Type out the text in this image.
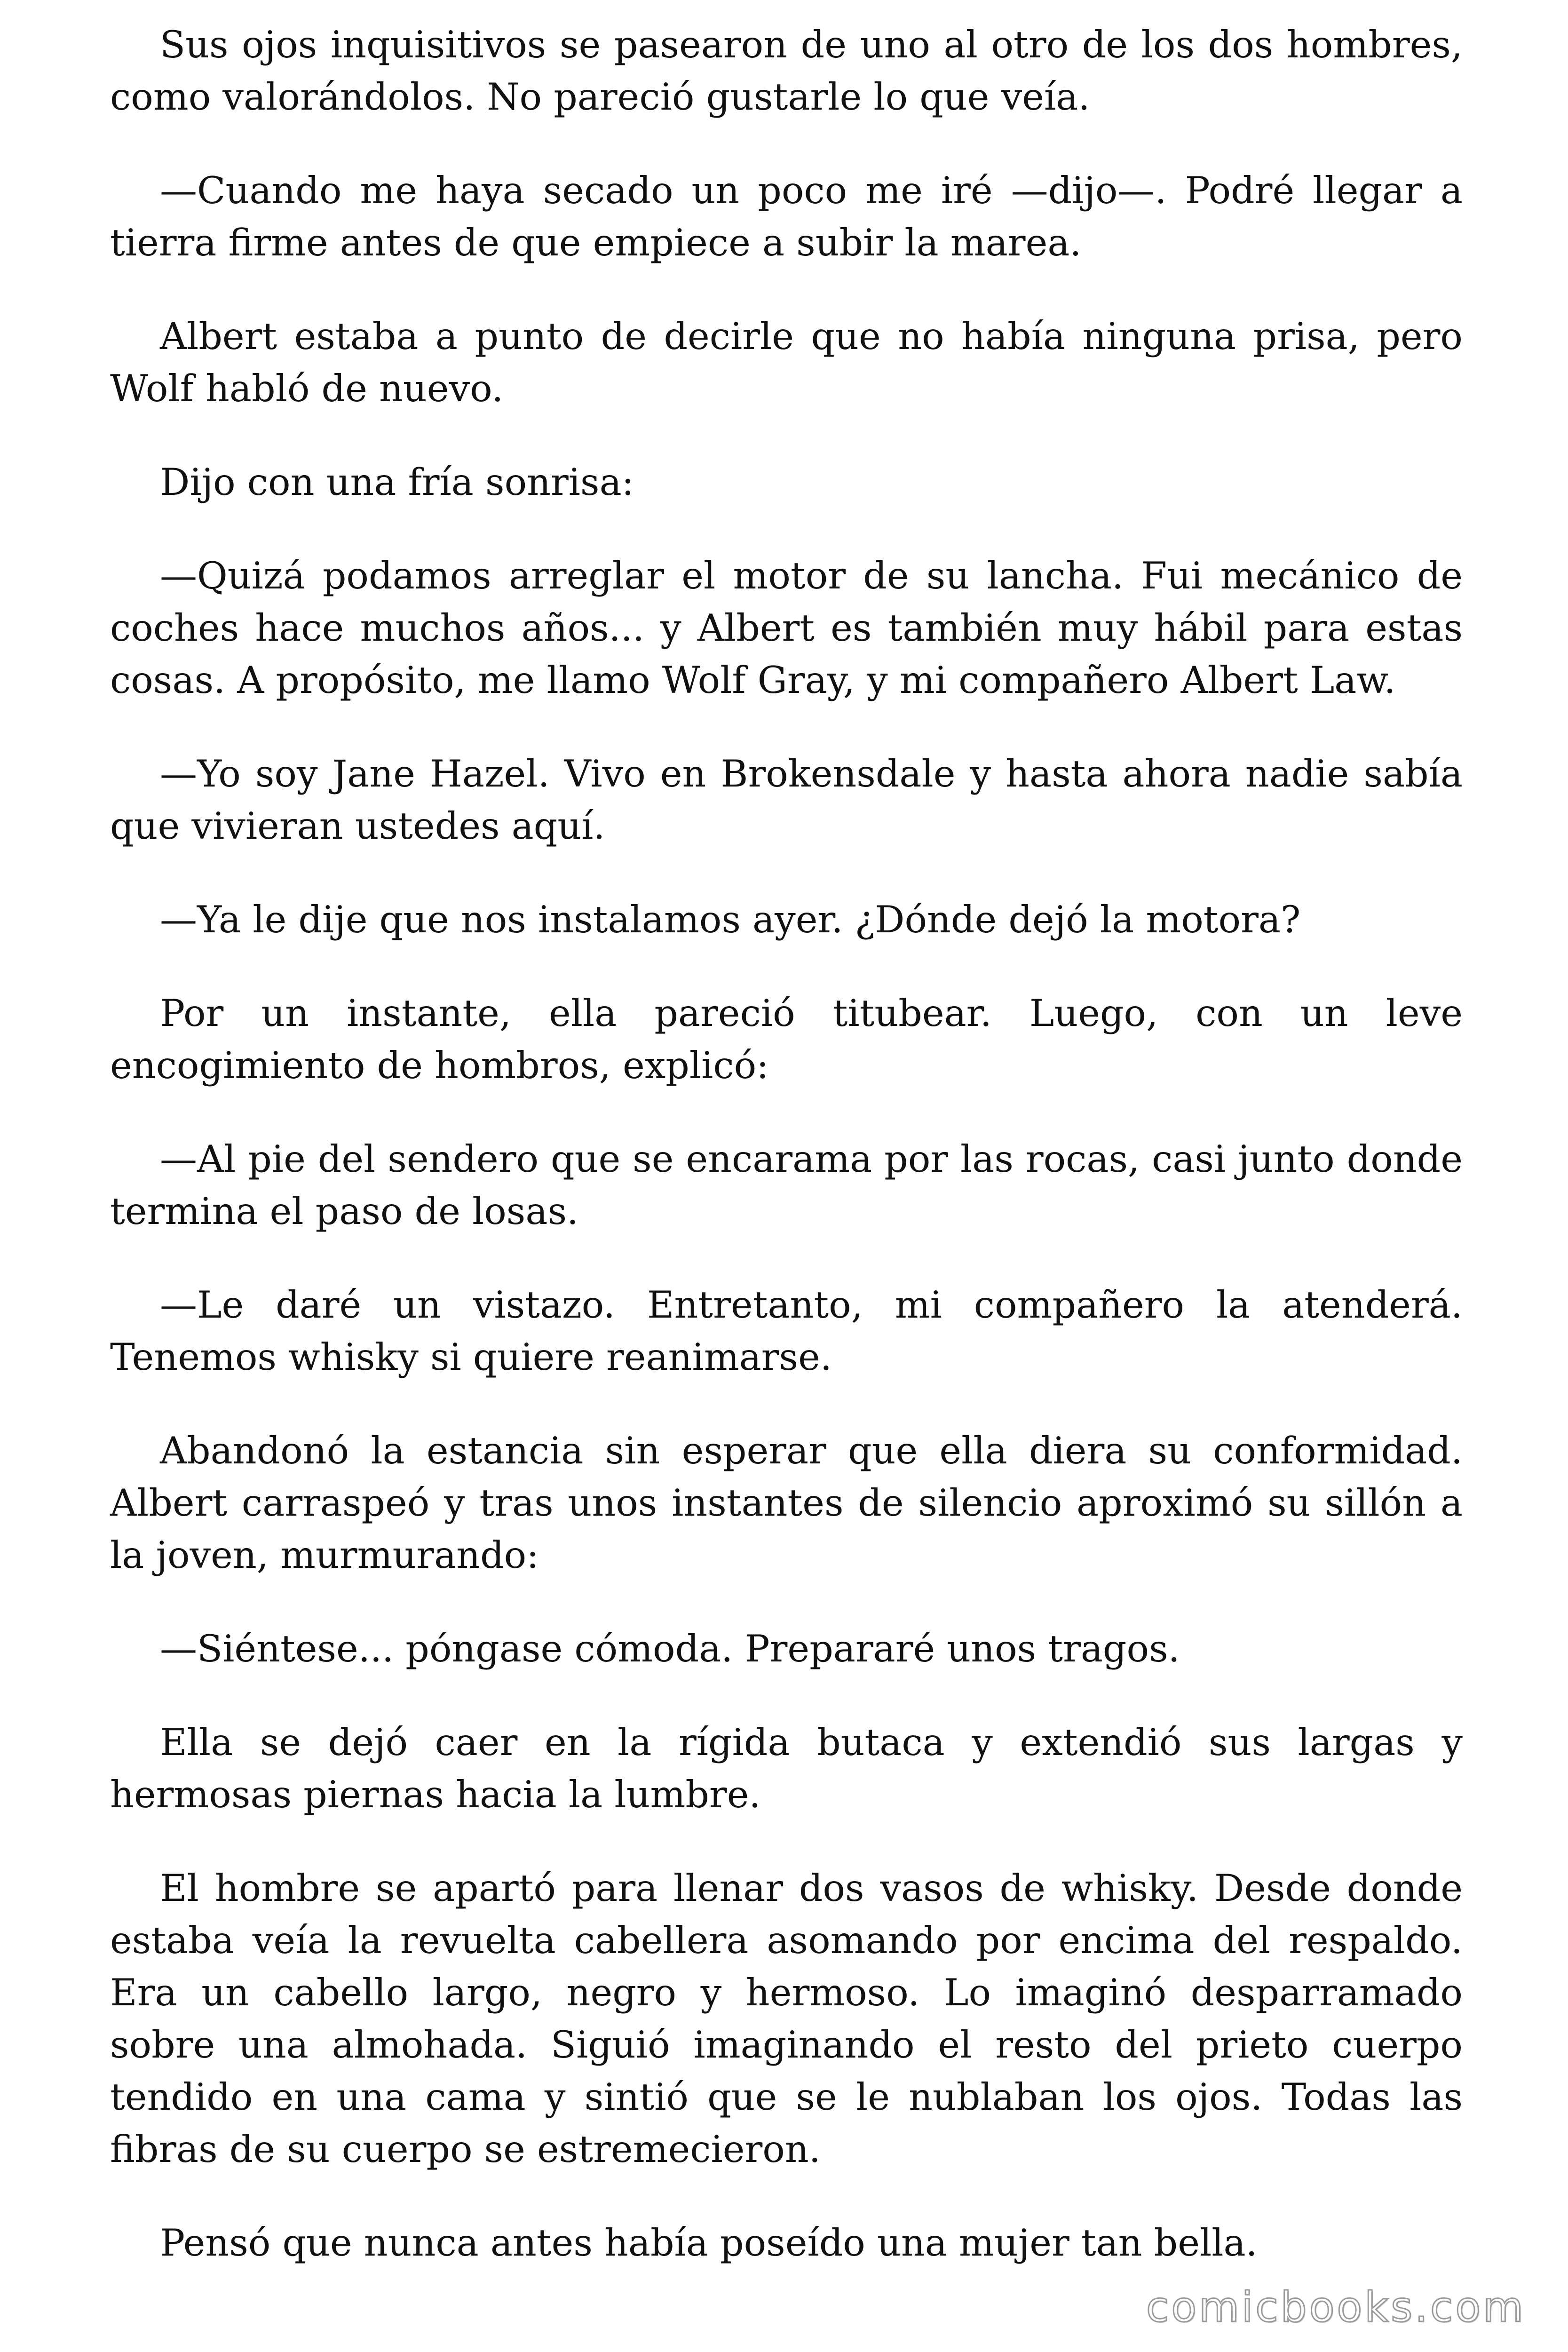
Sus ojos inquisitivos se pasearon de uno al otro de los dos hombres, como valorándolos. No pareció gustarle lo que veía.

—Cuando me haya secado un poco me iré —dijo—. Podré llegar a tierra firme antes de que empiece a subir la marea.

Albert estaba a punto de decirle que no había ninguna prisa, pero Wolf habló de nuevo.

Dijo con una fría sonrisa:

—Quizá podamos arreglar el motor de su lancha. Fui mecánico de coches hace muchos años... y Albert es también muy hábil para estas cosas. A propósito, me llamo Wolf Gray, y mi compañero Albert Law.

—Yo soy Jane Hazel. Vivo en Brokensdale y hasta ahora nadie sabía que vivieran ustedes aquí.

—Ya le dije que nos instalamos ayer. ¿Dónde dejó la motora?

Por un instante, ella pareció titubear. Luego, con un leve encogimiento de hombros, explicó:

—Al pie del sendero que se encarama por las rocas, casi junto donde termina el paso de losas.

—Le daré un vistazo. Entretanto, mi compañero la atenderá. Tenemos whisky si quiere reanimarse.

Abandonó la estancia sin esperar que ella diera su conformidad. Albert carraspeó y tras unos instantes de silencio aproximó su sillón a la joven, murmurando:

—Siéntese... póngase cómoda. Prepararé unos tragos.

Ella se dejó caer en la rígida butaca y extendió sus largas y hermosas piernas hacia la lumbre.

El hombre se apartó para llenar dos vasos de whisky. Desde donde estaba veía la revuelta cabellera asomando por encima del respaldo. Era un cabello largo, negro y hermoso. Lo imaginó desparramado sobre una almohada. Siguió imaginando el resto del prieto cuerpo tendido en una cama y sintió que se le nublaban los ojos. Todas las fibras de su cuerpo se estremecieron.

Pensó que nunca antes había poseído una mujer tan bella.

comicbooks.com
